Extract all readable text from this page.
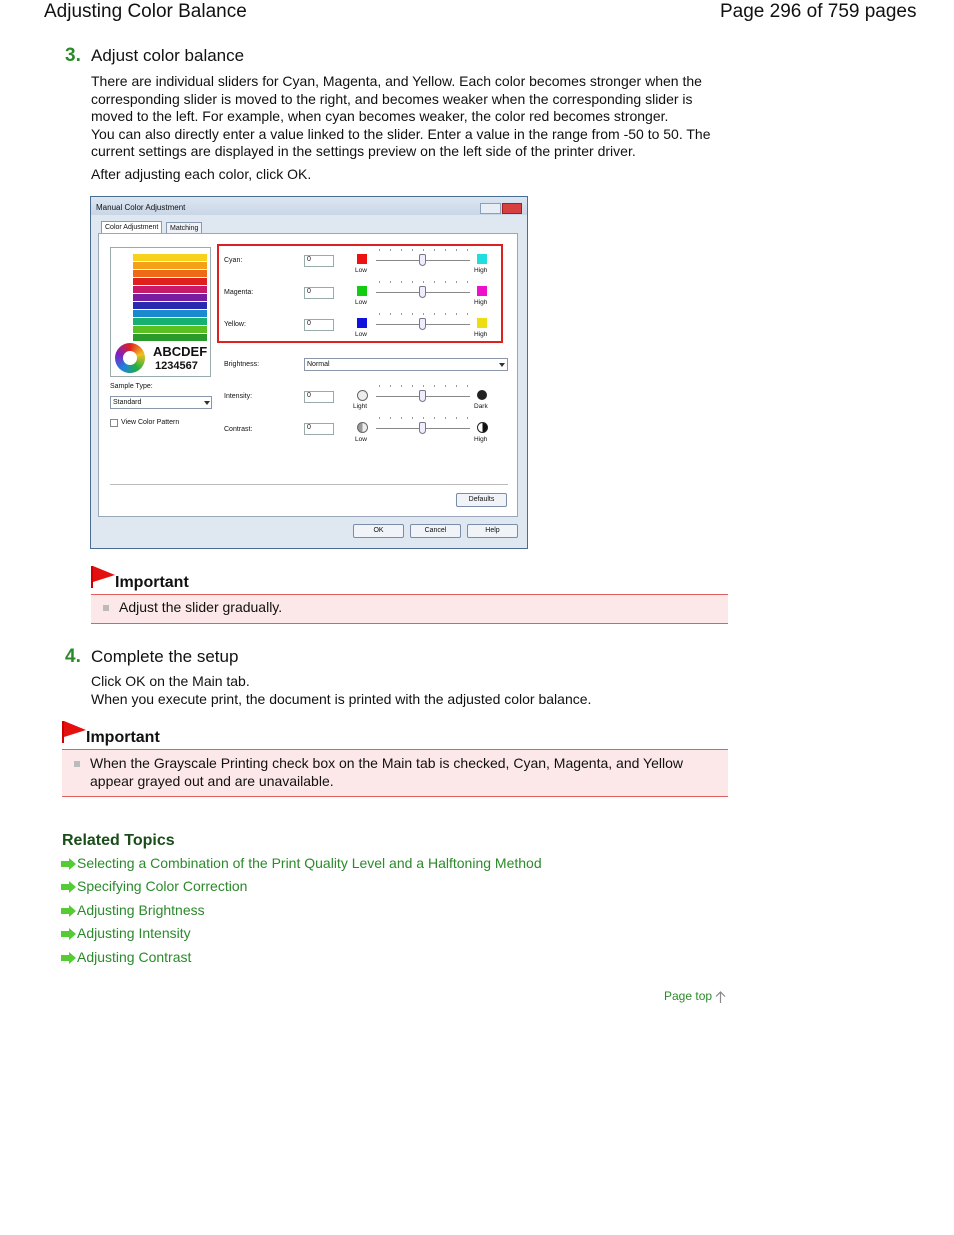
Adjusting Color Balance	Page 296 of 759 pages
3. Adjust color balance
There are individual sliders for Cyan, Magenta, and Yellow. Each color becomes stronger when the
corresponding slider is moved to the right, and becomes weaker when the corresponding slider is
moved to the left. For example, when cyan becomes weaker, the color red becomes stronger.
You can also directly enter a value linked to the slider. Enter a value in the range from -50 to 50. The
current settings are displayed in the settings preview on the left side of the printer driver.
After adjusting each color, click OK.
Manual Color Adjustment
Color Adjustment	Matching
ABCDEF
1234567
Sample Type:
Standard
View Color Pattern
Cyan:	0
Low	High
Magenta:	0
Low	High
Yellow:	0
Low	High
Brightness:	Normal
Intensity:	0
Light	Dark
Contrast:	0
Low	High
Defaults
OK	Cancel	Help
Important
Adjust the slider gradually.
4. Complete the setup
Click OK on the Main tab.
When you execute print, the document is printed with the adjusted color balance.
Important
When the Grayscale Printing check box on the Main tab is checked, Cyan, Magenta, and Yellow
appear grayed out and are unavailable.
Related Topics
Selecting a Combination of the Print Quality Level and a Halftoning Method
Specifying Color Correction
Adjusting Brightness
Adjusting Intensity
Adjusting Contrast
Page top
